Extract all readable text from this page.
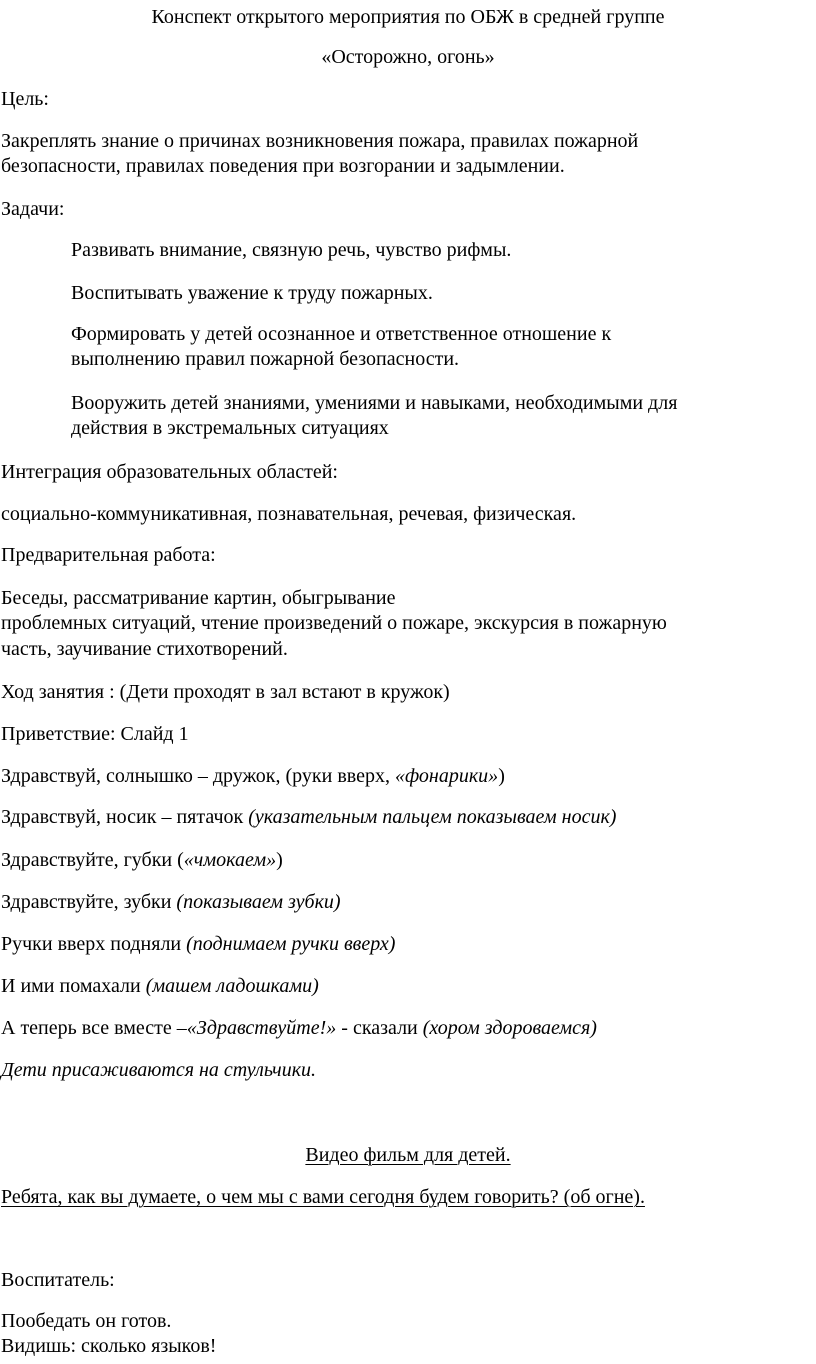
Конспект открытого мероприятия по ОБЖ в средней группе

«Осторожно, огонь»

Цель:

Закреплять знание о причинах возникновения пожара, правилах пожарной

безопасности, правилах поведения при возгорании и задымлении.

Задачи:

Развивать внимание, связную речь, чувство рифмы.

Воспитывать уважение к труду пожарных.

Формировать у детей осознанное и ответственное отношение к

выполнению правил пожарной безопасности.

Вооружить детей знаниями, умениями и навыками, необходимыми для

действия в экстремальных ситуациях

Интеграция образовательных областей:

социально-коммуникативная, познавательная, речевая, физическая.

Предварительная работа:

Беседы, рассматривание картин, обыгрывание

проблемных ситуаций, чтение произведений о пожаре, экскурсия в пожарную

часть, заучивание стихотворений.

Ход занятия : (Дети проходят в зал встают в кружок)

Приветствие: Слайд 1

Здравствуй, солнышко – дружок, (руки вверх, «фонарики»)

Здравствуй, носик – пятачок (указательным пальцем показываем носик)

Здравствуйте, губки («чмокаем»)

Здравствуйте, зубки (показываем зубки)

Ручки вверх подняли (поднимаем ручки вверх)

И ими помахали (машем ладошками)

А теперь все вместе –«Здравствуйте!» - сказали (хором здороваемся)

Дети присаживаются на стульчики.

Видео фильм для детей.

Ребята, как вы думаете, о чем мы с вами сегодня будем говорить? (об огне).

Воспитатель:

Пообедать он готов.

Видишь: сколько языков!
